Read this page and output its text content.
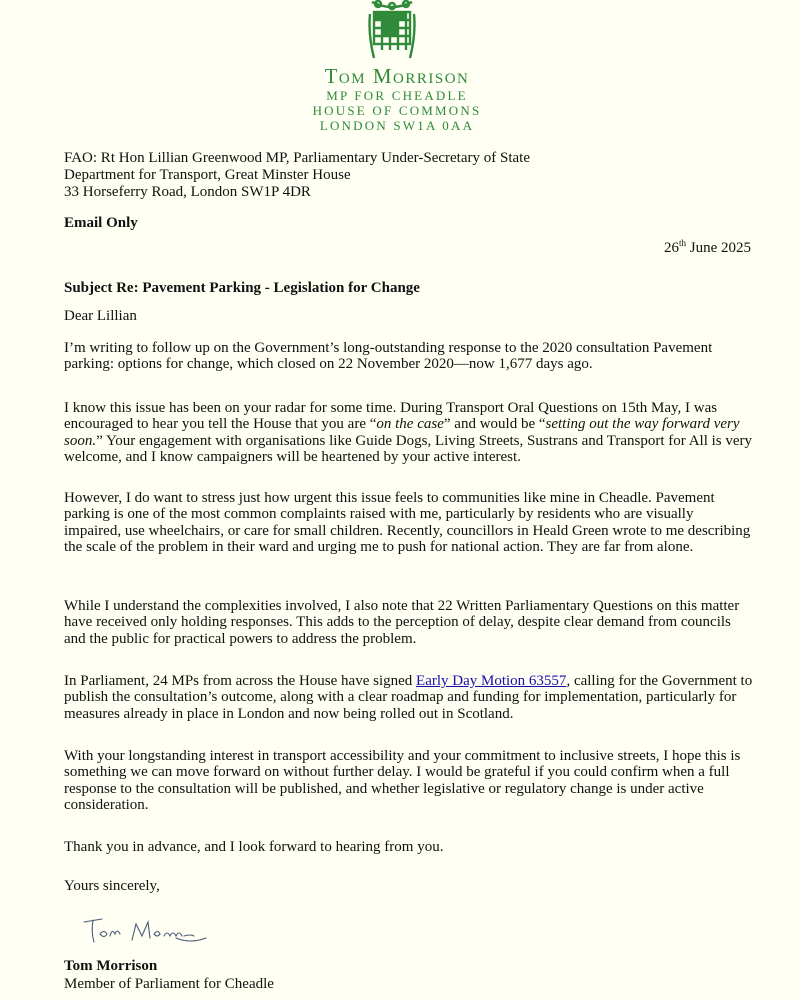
Tom Morrison
MP FOR CHEADLE
HOUSE OF COMMONS
LONDON SW1A 0AA
FAO: Rt Hon Lillian Greenwood MP, Parliamentary Under-Secretary of State
Department for Transport, Great Minster House
33 Horseferry Road, London SW1P 4DR
Email Only
26th June 2025
Subject Re: Pavement Parking - Legislation for Change
Dear Lillian
I’m writing to follow up on the Government’s long-outstanding response to the 2020 consultation Pavement parking: options for change, which closed on 22 November 2020—now 1,677 days ago.
I know this issue has been on your radar for some time. During Transport Oral Questions on 15th May, I was encouraged to hear you tell the House that you are “on the case” and would be “setting out the way forward very soon.” Your engagement with organisations like Guide Dogs, Living Streets, Sustrans and Transport for All is very welcome, and I know campaigners will be heartened by your active interest.
However, I do want to stress just how urgent this issue feels to communities like mine in Cheadle. Pavement parking is one of the most common complaints raised with me, particularly by residents who are visually impaired, use wheelchairs, or care for small children. Recently, councillors in Heald Green wrote to me describing the scale of the problem in their ward and urging me to push for national action. They are far from alone.
While I understand the complexities involved, I also note that 22 Written Parliamentary Questions on this matter have received only holding responses. This adds to the perception of delay, despite clear demand from councils and the public for practical powers to address the problem.
In Parliament, 24 MPs from across the House have signed Early Day Motion 63557, calling for the Government to publish the consultation’s outcome, along with a clear roadmap and funding for implementation, particularly for measures already in place in London and now being rolled out in Scotland.
With your longstanding interest in transport accessibility and your commitment to inclusive streets, I hope this is something we can move forward on without further delay. I would be grateful if you could confirm when a full response to the consultation will be published, and whether legislative or regulatory change is under active consideration.
Thank you in advance, and I look forward to hearing from you.
Yours sincerely,
Tom Morrison
Member of Parliament for Cheadle
